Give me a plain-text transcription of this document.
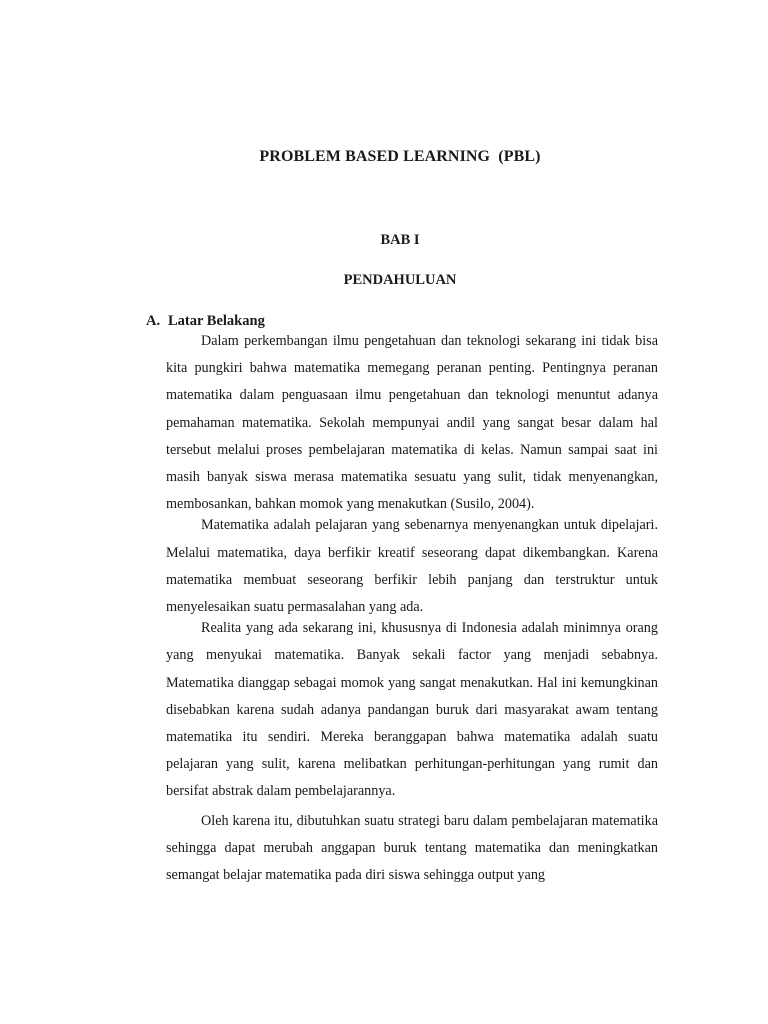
PROBLEM BASED LEARNING  (PBL)
BAB I
PENDAHULUAN
A. Latar Belakang

Dalam perkembangan ilmu pengetahuan dan teknologi sekarang ini tidak bisa kita pungkiri bahwa matematika memegang peranan penting. Pentingnya peranan matematika dalam penguasaan ilmu pengetahuan dan teknologi menuntut adanya pemahaman matematika. Sekolah mempunyai andil yang sangat besar dalam hal tersebut melalui proses pembelajaran matematika di kelas. Namun sampai saat ini masih banyak siswa merasa matematika sesuatu yang sulit, tidak menyenangkan, membosankan, bahkan momok yang menakutkan (Susilo, 2004).

Matematika adalah pelajaran yang sebenarnya menyenangkan untuk dipelajari. Melalui matematika, daya berfikir kreatif seseorang dapat dikembangkan. Karena matematika membuat seseorang berfikir lebih panjang dan terstruktur untuk menyelesaikan suatu permasalahan yang ada.

Realita yang ada sekarang ini, khususnya di Indonesia adalah minimnya orang yang menyukai matematika. Banyak sekali factor yang menjadi sebabnya. Matematika dianggap sebagai momok yang sangat menakutkan. Hal ini kemungkinan disebabkan karena sudah adanya pandangan buruk dari masyarakat awam tentang matematika itu sendiri. Mereka beranggapan bahwa matematika adalah suatu pelajaran yang sulit, karena melibatkan perhitungan-perhitungan yang rumit dan bersifat abstrak dalam pembelajarannya.

Oleh karena itu, dibutuhkan suatu strategi baru dalam pembelajaran matematika sehingga dapat merubah anggapan buruk tentang matematika dan meningkatkan semangat belajar matematika pada diri siswa sehingga output yang
